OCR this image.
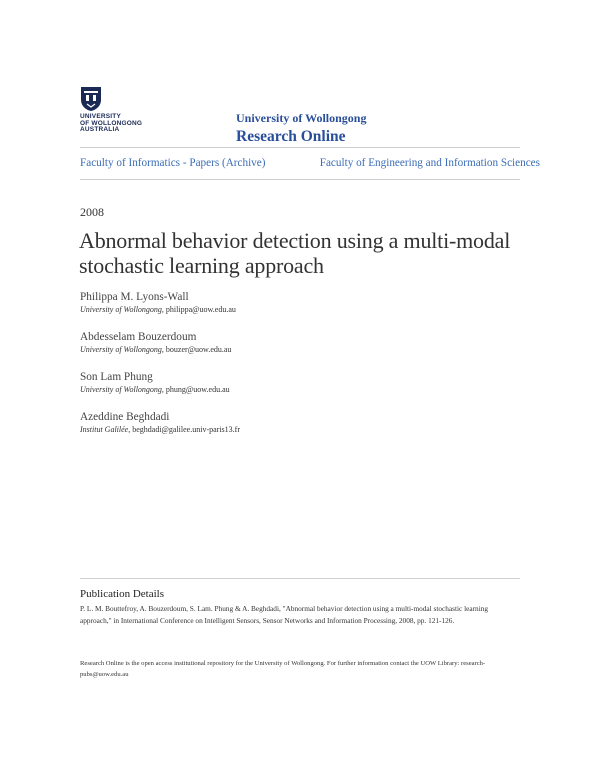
UNIVERSITY
OF WOLLONGONG
AUSTRALIA
University of Wollongong
Research Online
Faculty of Informatics - Papers (Archive)	Faculty of Engineering and Information Sciences
2008
Abnormal behavior detection using a multi-modal stochastic learning approach
Philippa M. Lyons-Wall
University of Wollongong, philippa@uow.edu.au
Abdesselam Bouzerdoum
University of Wollongong, bouzer@uow.edu.au
Son Lam Phung
University of Wollongong, phung@uow.edu.au
Azeddine Beghdadi
Institut Galilée, beghdadi@galilee.univ-paris13.fr
Publication Details
P. L. M. Bouttefroy, A. Bouzerdoum, S. Lam. Phung & A. Beghdadi, "Abnormal behavior detection using a multi-modal stochastic learning approach," in International Conference on Intelligent Sensors, Sensor Networks and Information Processing, 2008, pp. 121-126.
Research Online is the open access institutional repository for the University of Wollongong. For further information contact the UOW Library: research-pubs@uow.edu.au
